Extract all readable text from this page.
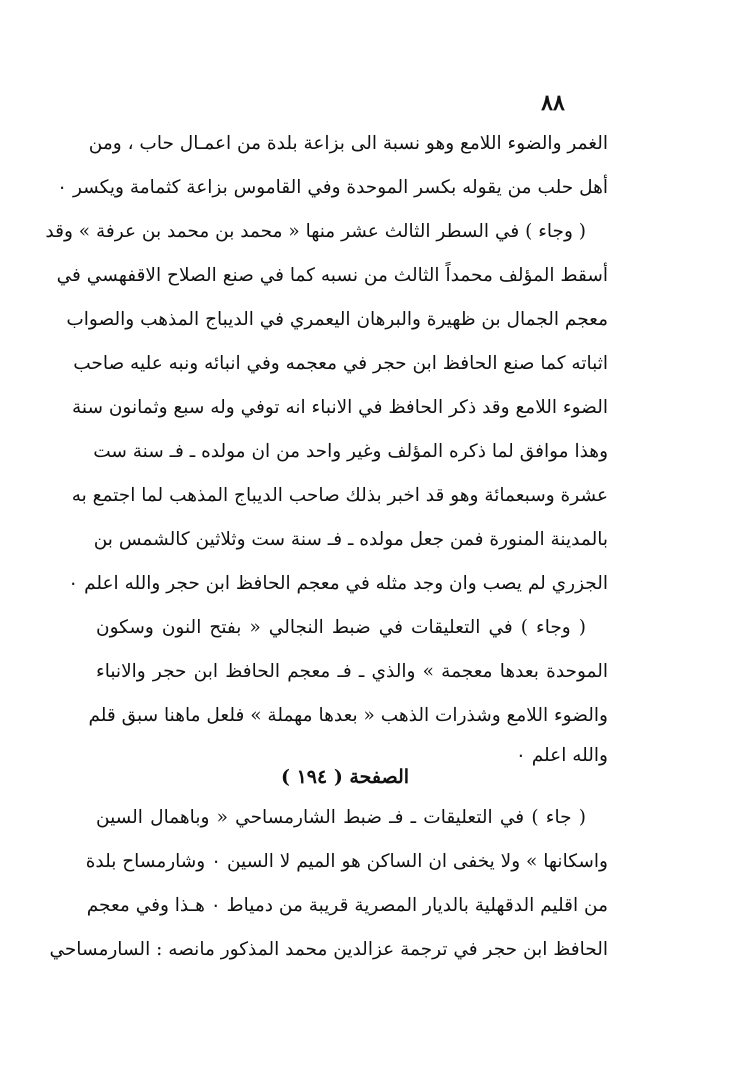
٨٨
الغمر والضوء اللامع وهو نسبة الى بزاعة بلدة من اعمـال حاب ، ومن
أهل حلب من يقوله بكسر الموحدة وفي القاموس بزاعة كثمامة ويكسر ٠
( وجاء ) في السطر الثالث عشر منها « محمد بن محمد بن عرفة » وقد
أسقط المؤلف محمداً الثالث من نسبه كما في صنع الصلاح الاقفهسي في
معجم الجمال بن ظهيرة والبرهان اليعمري في الديباج المذهب والصواب
اثباته كما صنع الحافظ ابن حجر في معجمه وفي انبائه ونبه عليه صاحب
الضوء اللامع وقد ذكر الحافظ في الانباء انه توفي وله سبع وثمانون سنة
وهذا موافق لما ذكره المؤلف وغير واحد من ان مولده ـ فـ سنة ست
عشرة وسبعمائة وهو قد اخبر بذلك صاحب الديباج المذهب لما اجتمع به
بالمدينة المنورة فمن جعل مولده ـ فـ سنة ست وثلاثين كالشمس بن
الجزري لم يصب وان وجد مثله في معجم الحافظ ابن حجر والله اعلم ٠
( وجاء ) في التعليقات في ضبط النجالي « بفتح النون وسكون
الموحدة بعدها معجمة » والذي ـ فـ معجم الحافظ ابن حجر والانباء
والضوء اللامع وشذرات الذهب « بعدها مهملة » فلعل ماهنا سبق قلم
والله اعلم ٠
الصفحة ( ١٩٤ )
( جاء ) في التعليقات ـ فـ ضبط الشارمساحي « وباهمال السين
واسكانها » ولا يخفى ان الساكن هو الميم لا السين ٠ وشارمساح بلدة
من اقليم الدقهلية بالديار المصرية قريبة من دمياط ٠ هـذا وفي معجم
الحافظ ابن حجر في ترجمة عزالدين محمد المذكور مانصه : السارمساحي
